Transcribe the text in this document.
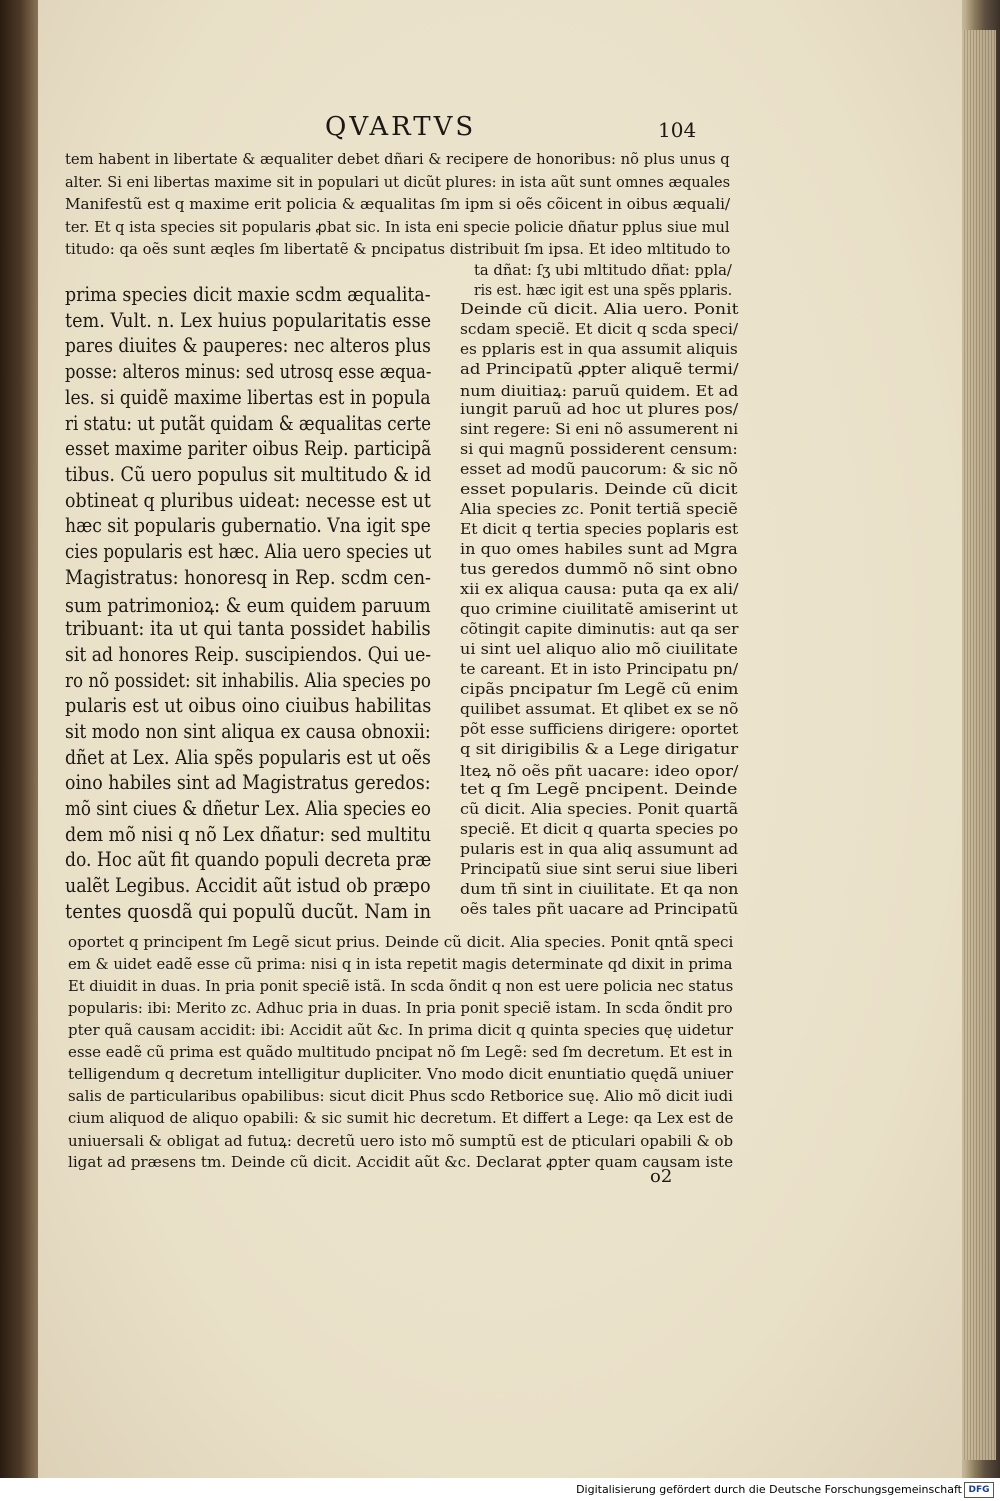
QVARTVS	104
tem habent in libertate & æqualiter debet dñari & recipere de honoribus: nõ plus unus q
alter. Si eni libertas maxime sit in populari ut dicũt plures: in ista aũt sunt omnes æquales
Manifestũ est q maxime erit policia & æqualitas ſm ipm si oẽs cõicent in oibus æquali/
ter. Et q ista species sit popularis ꝓbat sic. In ista eni specie policie dñatur pplus siue mul
titudo: qa oẽs sunt æqles ſm libertatẽ & pncipatus distribuit ſm ipsa. Et ideo mltitudo to
ta dñat: ſʒ ubi mltitudo dñat: ppla/
ris est. hæc igit est una spẽs pplaris.
prima species dicit maxie scdm æqualita-
tem. Vult. n. Lex huius popularitatis esse
pares diuites & pauperes: nec alteros plus
posse: alteros minus: sed utrosq esse æqua-
les. si quidẽ maxime libertas est in popula
ri statu: ut putãt quidam & æqualitas certe
esset maxime pariter oibus Reip. participã
tibus. Cũ uero populus sit multitudo & id
obtineat q pluribus uideat: necesse est ut
hæc sit popularis gubernatio. Vna igit spe
cies popularis est hæc. Alia uero species ut
Magistratus: honoresq in Rep. scdm cen-
sum patrimonioꝝ: & eum quidem paruum
tribuant: ita ut qui tanta possidet habilis
sit ad honores Reip. suscipiendos. Qui ue-
ro nõ possidet: sit inhabilis. Alia species po
pularis est ut oibus oino ciuibus habilitas
sit modo non sint aliqua ex causa obnoxii:
dñet at Lex. Alia spẽs popularis est ut oẽs
oino habiles sint ad Magistratus geredos:
mõ sint ciues & dñetur Lex. Alia species eo
dem mõ nisi q nõ Lex dñatur: sed multitu
do. Hoc aũt fit quando populi decreta præ
ualẽt Legibus. Accidit aũt istud ob præpo
tentes quosdã qui populũ ducũt. Nam in
Deinde cũ dicit. Alia uero. Ponit
scdam speciẽ. Et dicit q scda speci/
es pplaris est in qua assumit aliquis
ad Principatũ ꝓpter aliquẽ termi/
num diuitiaꝝ: paruũ quidem. Et ad
iungit paruũ ad hoc ut plures pos/
sint regere: Si eni nõ assumerent ni
si qui magnũ possiderent censum:
esset ad modũ paucorum: & sic nõ
esset popularis. Deinde cũ dicit
Alia species zc. Ponit tertiã speciẽ
Et dicit q tertia species poplaris est
in quo omes habiles sunt ad Mgra
tus geredos dummõ nõ sint obno
xii ex aliqua causa: puta qa ex ali/
quo crimine ciuilitatẽ amiserint ut
cõtingit capite diminutis: aut qa ser
ui sint uel aliquo alio mõ ciuilitate
te careant. Et in isto Principatu pn/
cipãs pncipatur ſm Legẽ cũ enim
quilibet assumat. Et qlibet ex se nõ
põt esse sufficiens dirigere: oportet
q sit dirigibilis & a Lege dirigatur
lteꝝ nõ oẽs pñt uacare: ideo opor/
tet q ſm Legẽ pncipent. Deinde
cũ dicit. Alia species. Ponit quartã
speciẽ. Et dicit q quarta species po
pularis est in qua aliq assumunt ad
Principatũ siue sint serui siue liberi
dum tñ sint in ciuilitate. Et qa non
oẽs tales pñt uacare ad Principatũ
oportet q principent ſm Legẽ sicut prius. Deinde cũ dicit. Alia species. Ponit qntã speci
em & uidet eadẽ esse cũ prima: nisi q in ista repetit magis determinate qd dixit in prima
Et diuidit in duas. In pria ponit speciẽ istã. In scda õndit q non est uere policia nec status
popularis: ibi: Merito zc. Adhuc pria in duas. In pria ponit speciẽ istam. In scda õndit pro
pter quã causam accidit: ibi: Accidit aũt &c. In prima dicit q quinta species quę uidetur
esse eadẽ cũ prima est quãdo multitudo pncipat nõ ſm Legẽ: sed ſm decretum. Et est in
telligendum q decretum intelligitur dupliciter. Vno modo dicit enuntiatio quędã uniuer
salis de particularibus opabilibus: sicut dicit Phus scdo Retborice suę. Alio mõ dicit iudi
cium aliquod de aliquo opabili: & sic sumit hic decretum. Et differt a Lege: qa Lex est de
uniuersali & obligat ad futuꝝ: decretũ uero isto mõ sumptũ est de pticulari opabili & ob
ligat ad præsens tm. Deinde cũ dicit. Accidit aũt &c. Declarat ꝓpter quam causam iste
o2
Digitalisierung gefördert durch die Deutsche Forschungsgemeinschaft DFG
